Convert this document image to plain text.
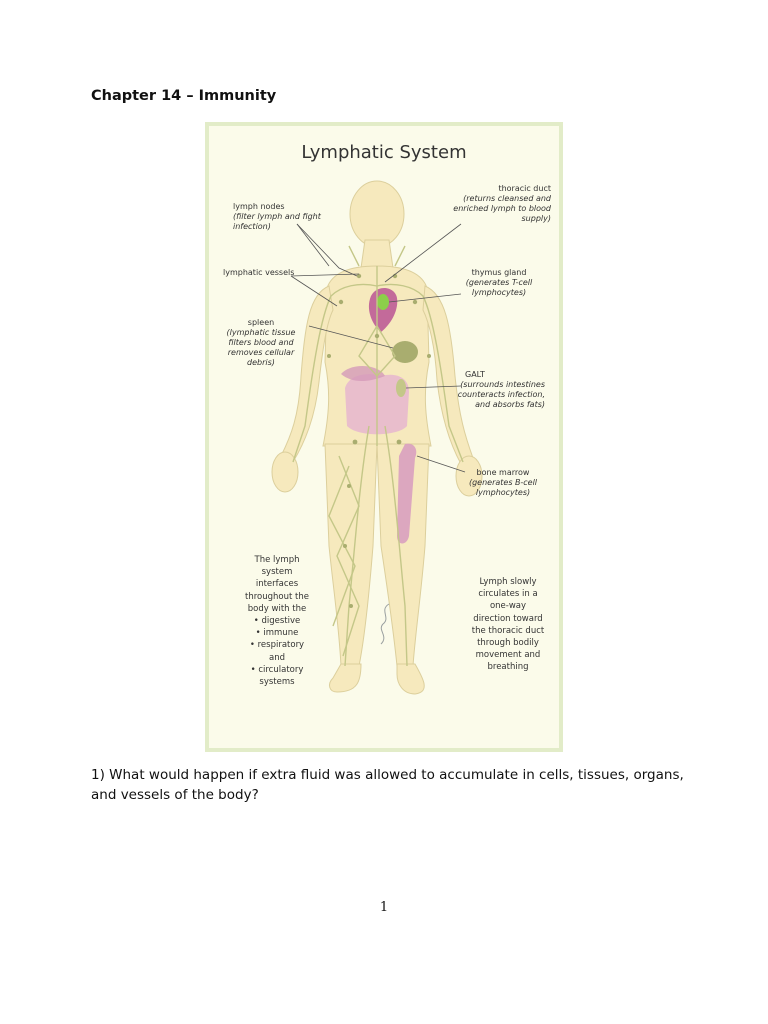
Chapter 14 – Immunity
Lymphatic System
lymph nodes
(filter lymph and fight infection)
lymphatic vessels
spleen
(lymphatic tissue filters blood and removes cellular debris)
thoracic duct
(returns cleansed and enriched lymph to blood supply)
thymus gland
(generates T-cell lymphocytes)
GALT
(surrounds intestines counteracts infection, and absorbs fats)
bone marrow
(generates B-cell lymphocytes)
The lymph system interfaces throughout the body with the
• digestive
• immune
• respiratory and
• circulatory systems
Lymph slowly circulates in a one-way direction toward the thoracic duct through bodily movement and breathing
1) What would happen if extra fluid was allowed to accumulate in cells, tissues, organs, and vessels of the body?
1
